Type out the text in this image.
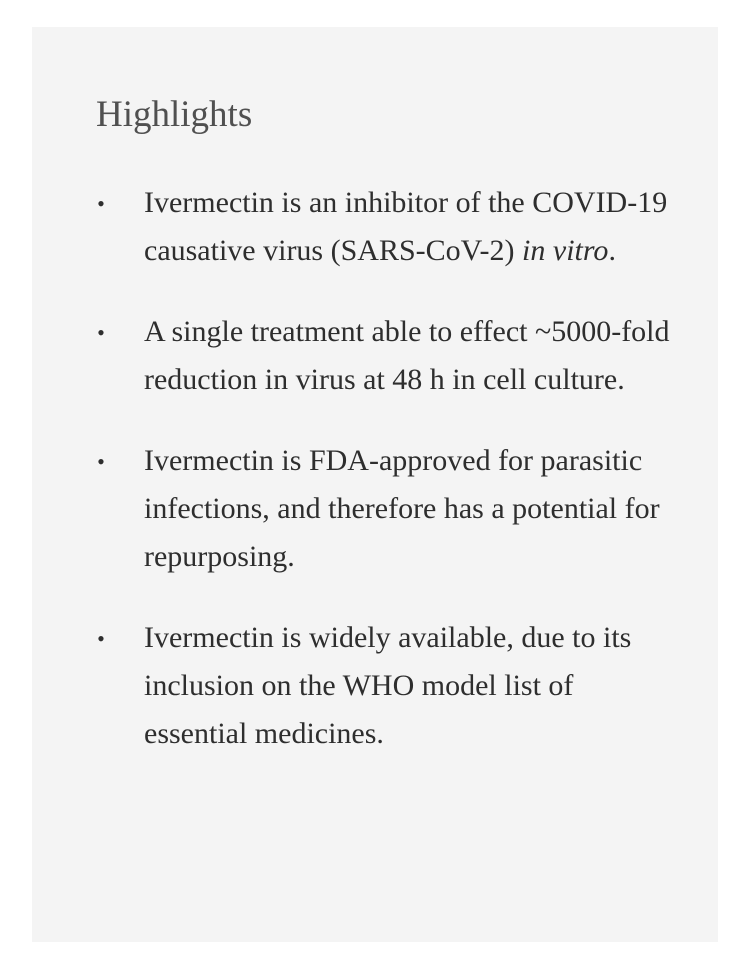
Highlights
• Ivermectin is an inhibitor of the COVID-19 causative virus (SARS-CoV-2) in vitro.
• A single treatment able to effect ~5000-fold reduction in virus at 48 h in cell culture.
• Ivermectin is FDA-approved for parasitic infections, and therefore has a potential for repurposing.
• Ivermectin is widely available, due to its inclusion on the WHO model list of essential medicines.
